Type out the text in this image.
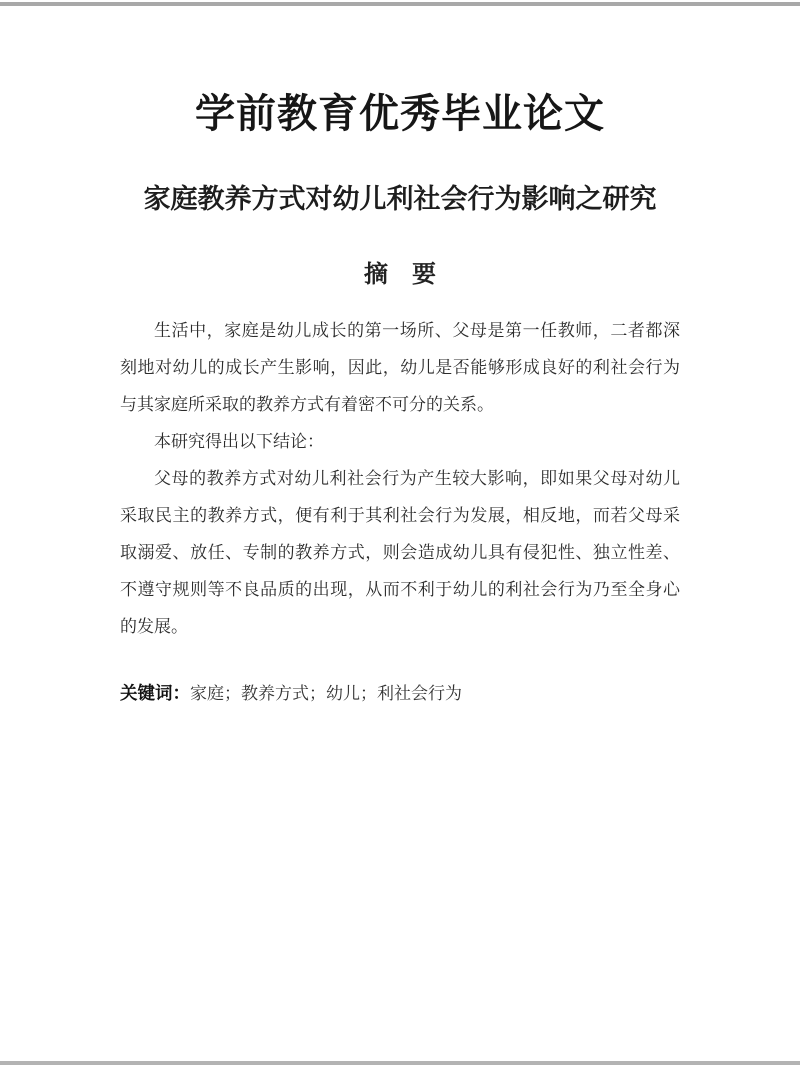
学前教育优秀毕业论文
家庭教养方式对幼儿利社会行为影响之研究
摘　要

生活中，家庭是幼儿成长的第一场所、父母是第一任教师，二者都深刻地对幼儿的成长产生影响，因此，幼儿是否能够形成良好的利社会行为与其家庭所采取的教养方式有着密不可分的关系。

本研究得出以下结论：

父母的教养方式对幼儿利社会行为产生较大影响，即如果父母对幼儿采取民主的教养方式，便有利于其利社会行为发展，相反地，而若父母采取溺爱、放任、专制的教养方式，则会造成幼儿具有侵犯性、独立性差、不遵守规则等不良品质的出现，从而不利于幼儿的利社会行为乃至全身心的发展。

关键词：家庭；教养方式；幼儿；利社会行为
